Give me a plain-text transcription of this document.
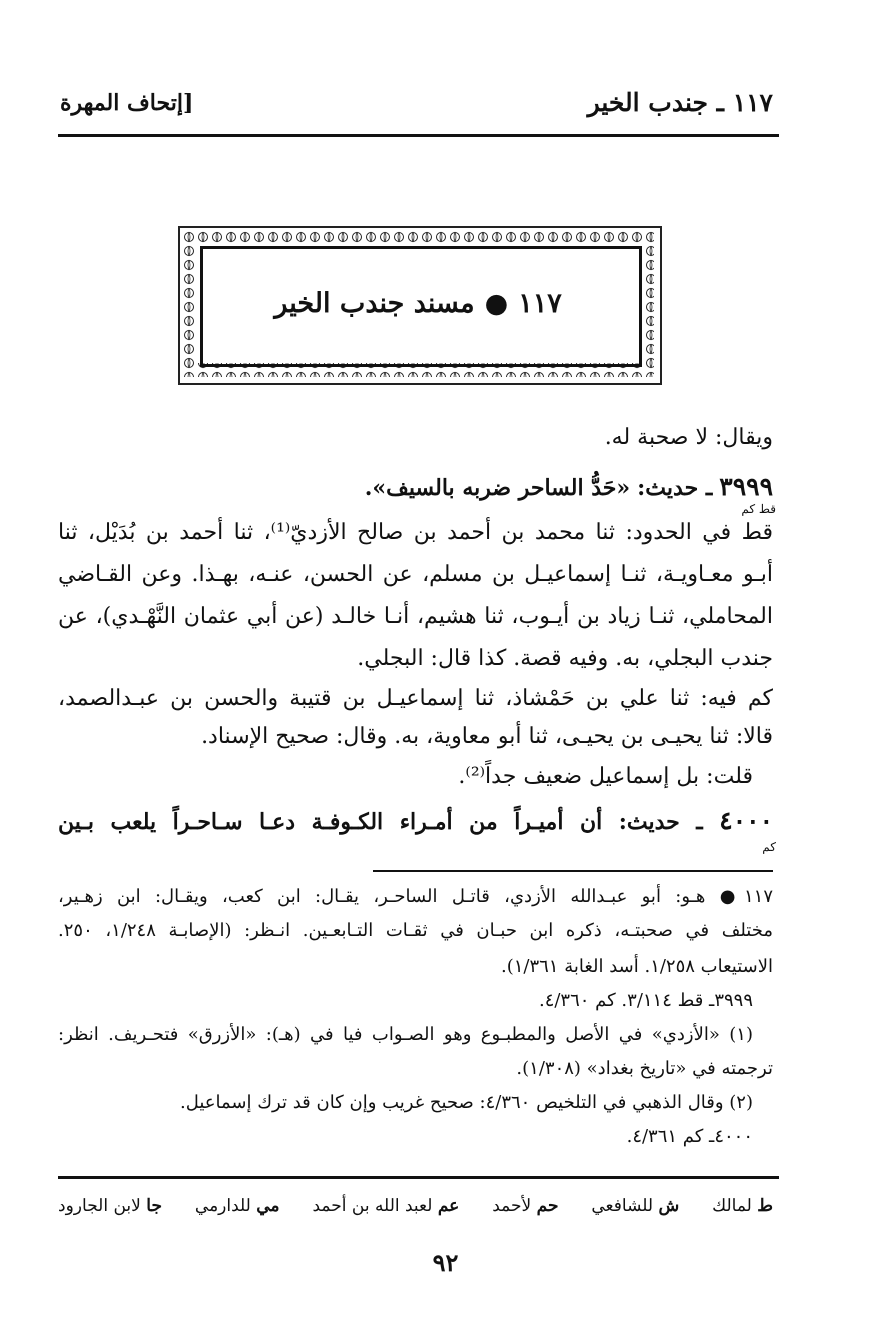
١١٧ ـ جندب الخير
[إتحاف المهرة
١١٧
●
مسند جندب الخير
ويقال: لا صحبة له.
٣٩٩٩ ـ حديث: «حَدُّ الساحر ضربه بالسيف».
قط كم
قط في الحدود: ثنا محمد بن أحمد بن صالح الأزديّ⁽¹⁾، ثنا أحمد بن بُدَيْل، ثنا
أبـو معـاويـة، ثنـا إسماعيـل بن مسلم، عن الحسن، عنـه، بهـذا. وعن القـاضي
المحاملي، ثنـا زياد بن أيـوب، ثنا هشيم، أنـا خالـد (عن أبي عثمان النَّهْـدي)، عن
جندب البجلي، به. وفيه قصة. كذا قال: البجلي.
كم فيه: ثنا علي بن حَمْشاذ، ثنا إسماعيـل بن قتيبة والحسن بن عبـدالصمد،
قالا: ثنا يحيـى بن يحيـى، ثنا أبو معاوية، به. وقال: صحيح الإسناد.
قلت: بل إسماعيل ضعيف جداً⁽²⁾.
٤٠٠٠ ـ حديث: أن أميـراً من أمـراء الكـوفـة دعـا سـاحـراً يلعب بـين
كم
١١٧● هـو: أبو عبـدالله الأزدي، قاتـل الساحـر، يقـال: ابن كعب، ويقـال: ابن زهـير،
مختلف في صحبتـه، ذكره ابن حبـان في ثقـات التـابعـين. انـظر: (الإصابـة ١/٢٤٨، ٢٥٠.
الاستيعاب ١/٢٥٨. أسد الغابة ١/٣٦١).
٣٩٩٩ـ قط ٣/١١٤. كم ٤/٣٦٠.
(١) «الأزدي» في الأصل والمطبـوع وهو الصـواب فيا في (هـ): «الأزرق» فتحـريف. انظر:
ترجمته في «تاريخ بغداد» (١/٣٠٨).
(٢) وقال الذهبي في التلخيص ٤/٣٦٠: صحيح غريب وإن كان قد ترك إسماعيل.
٤٠٠٠ـ كم ٤/٣٦١.
ط لمالك
ش للشافعي
حم لأحمد
عم لعبد الله بن أحمد
مي للدارمي
جا لابن الجارود
٩٢
